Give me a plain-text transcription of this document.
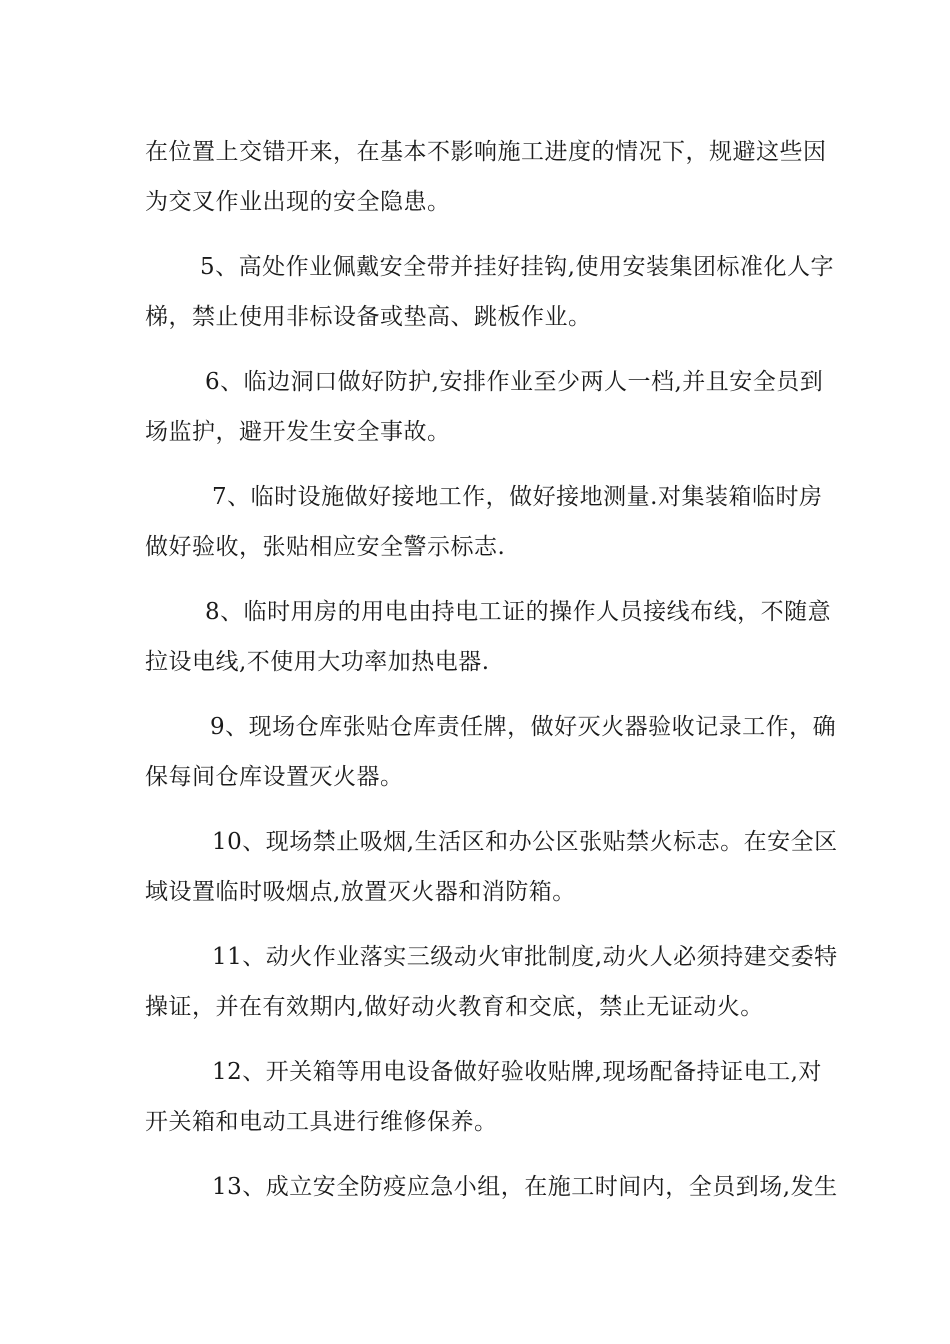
在位置上交错开来，在基本不影响施工进度的情况下，规避这些因
为交叉作业出现的安全隐患。
5、高处作业佩戴安全带并挂好挂钩,使用安装集团标准化人字
梯，禁止使用非标设备或垫高、跳板作业。
6、临边洞口做好防护,安排作业至少两人一档,并且安全员到
场监护，避开发生安全事故。
7、临时设施做好接地工作，做好接地测量.对集装箱临时房
做好验收，张贴相应安全警示标志.
8、临时用房的用电由持电工证的操作人员接线布线，不随意
拉设电线,不使用大功率加热电器.
9、现场仓库张贴仓库责任牌，做好灭火器验收记录工作，确
保每间仓库设置灭火器。
10、现场禁止吸烟,生活区和办公区张贴禁火标志。在安全区
域设置临时吸烟点,放置灭火器和消防箱。
11、动火作业落实三级动火审批制度,动火人必须持建交委特
操证，并在有效期内,做好动火教育和交底，禁止无证动火。
12、开关箱等用电设备做好验收贴牌,现场配备持证电工,对
开关箱和电动工具进行维修保养。
13、成立安全防疫应急小组，在施工时间内，全员到场,发生
